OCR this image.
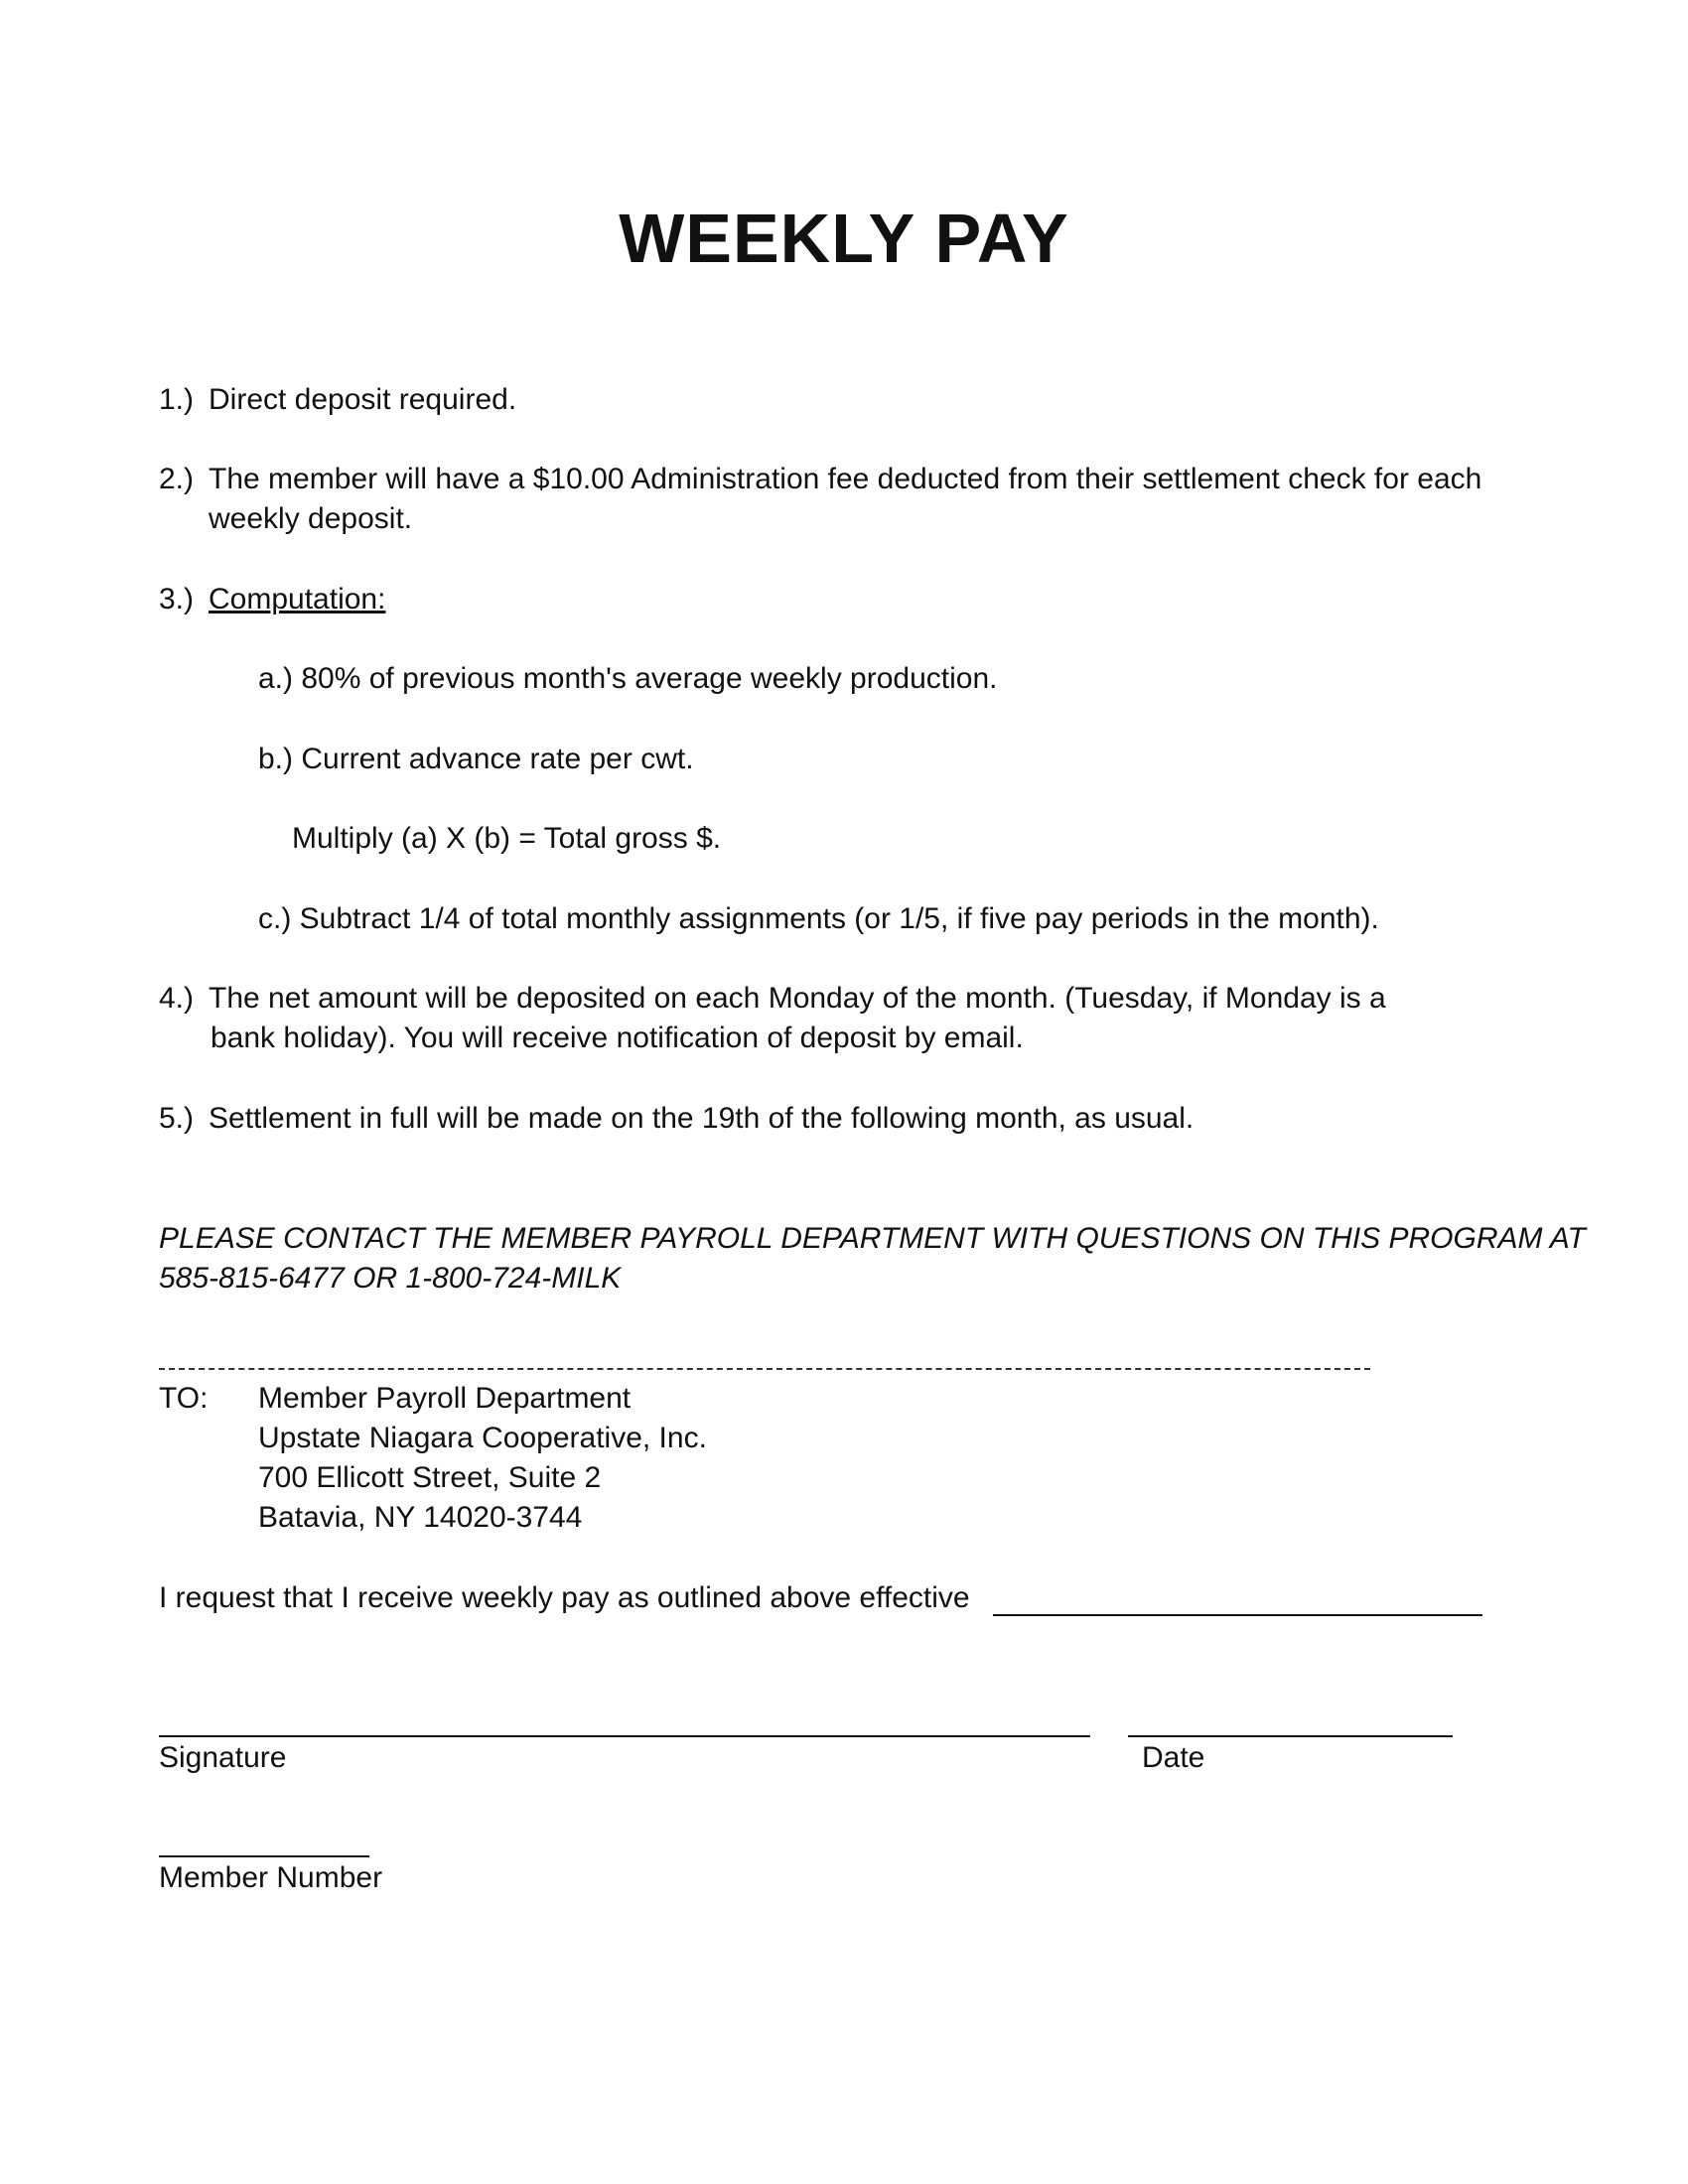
WEEKLY PAY
1.) Direct deposit required.
2.) The member will have a $10.00 Administration fee deducted from their settlement check for each
weekly deposit.
3.) Computation:
a.) 80% of previous month's average weekly production.
b.) Current advance rate per cwt.
Multiply (a) X (b) = Total gross $.
c.) Subtract 1/4 of total monthly assignments (or 1/5, if five pay periods in the month).
4.) The net amount will be deposited on each Monday of the month. (Tuesday, if Monday is a
bank holiday). You will receive notification of deposit by email.
5.) Settlement in full will be made on the 19th of the following month, as usual.
PLEASE CONTACT THE MEMBER PAYROLL DEPARTMENT WITH QUESTIONS ON THIS PROGRAM AT
585-815-6477 OR 1-800-724-MILK
TO: Member Payroll Department
Upstate Niagara Cooperative, Inc.
700 Ellicott Street, Suite 2
Batavia, NY 14020-3744
I request that I receive weekly pay as outlined above effective
Signature	Date
Member Number
